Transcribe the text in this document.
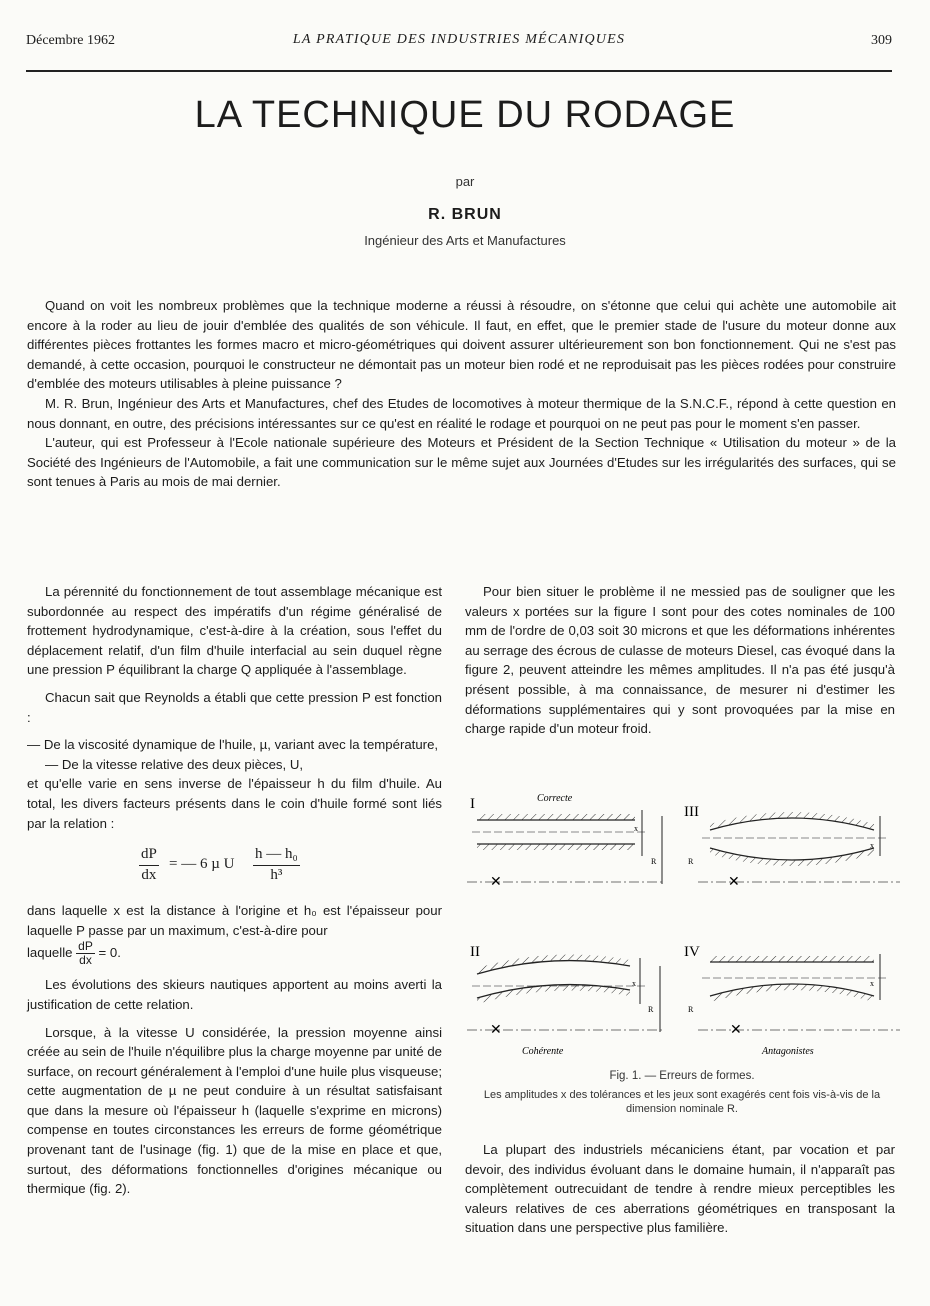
Décembre 1962	LA PRATIQUE DES INDUSTRIES MÉCANIQUES	309
LA TECHNIQUE DU RODAGE
par
R. BRUN
Ingénieur des Arts et Manufactures

Quand on voit les nombreux problèmes que la technique moderne a réussi à résoudre, on s'étonne que celui qui achète une automobile ait encore à la roder au lieu de jouir d'emblée des qualités de son véhicule. Il faut, en effet, que le premier stade de l'usure du moteur donne aux différentes pièces frottantes les formes macro et micro-géométriques qui doivent assurer ultérieurement son bon fonctionnement. Qui ne s'est pas demandé, à cette occasion, pourquoi le constructeur ne démontait pas un moteur bien rodé et ne reproduisait pas les pièces rodées pour construire d'emblée des moteurs utilisables à pleine puissance ?

M. R. Brun, Ingénieur des Arts et Manufactures, chef des Etudes de locomotives à moteur thermique de la S.N.C.F., répond à cette question en nous donnant, en outre, des précisions intéressantes sur ce qu'est en réalité le rodage et pourquoi on ne peut pas pour le moment s'en passer.

L'auteur, qui est Professeur à l'Ecole nationale supérieure des Moteurs et Président de la Section Technique « Utilisation du moteur » de la Société des Ingénieurs de l'Automobile, a fait une communication sur le même sujet aux Journées d'Etudes sur les irrégularités des surfaces, qui se sont tenues à Paris au mois de mai dernier.

La pérennité du fonctionnement de tout assemblage mécanique est subordonnée au respect des impératifs d'un régime généralisé de frottement hydrodynamique, c'est-à-dire à la création, sous l'effet du déplacement relatif, d'un film d'huile interfacial au sein duquel règne une pression P équilibrant la charge Q appliquée à l'assemblage.

Chacun sait que Reynolds a établi que cette pression P est fonction :

— De la viscosité dynamique de l'huile, µ, variant avec la température,

— De la vitesse relative des deux pièces, U,

et qu'elle varie en sens inverse de l'épaisseur h du film d'huile. Au total, les divers facteurs présents dans le coin d'huile formé sont liés par la relation :

$\frac{dP}{dx}$ = — 6 µ U $\frac{\text{h — h₀}}{\text{h³}}$

dans laquelle x est la distance à l'origine et h₀ est l'épaisseur pour laquelle P passe par un maximum, c'est-à-dire pour

laquelle $\frac{dP}{dx} = 0$.

Les évolutions des skieurs nautiques apportent au moins averti la justification de cette relation.

Lorsque, à la vitesse U considérée, la pression moyenne ainsi créée au sein de l'huile n'équilibre plus la charge moyenne par unité de surface, on recourt généralement à l'emploi d'une huile plus visqueuse; cette augmentation de µ ne peut conduire à un résultat satisfaisant que dans la mesure où l'épaisseur h (laquelle s'exprime en microns) compense en toutes circonstances les erreurs de forme géométrique provenant tant de l'usinage (fig. 1) que de la mise en place et que, surtout, des déformations fonctionnelles d'origines mécanique ou thermique (fig. 2).

Pour bien situer le problème il ne messied pas de souligner que les valeurs x portées sur la figure I sont pour des cotes nominales de 100 mm de l'ordre de 0,03 soit 30 microns et que les déformations inhérentes au serrage des écrous de culasse de moteurs Diesel, cas évoqué dans la figure 2, peuvent atteindre les mêmes amplitudes. Il n'a pas été jusqu'à présent possible, à ma connaissance, de mesurer ni d'estimer les déformations supplémentaires qui y sont provoquées par la mise en charge rapide d'un moteur froid.

I	Correcte
x
R
✕
III
x
R
✕
II
x
R
✕
Cohérente
IV
x
R
✕
Antagonistes
Fig. 1. — Erreurs de formes.
Les amplitudes x des tolérances et les jeux sont exagérés cent fois vis-à-vis de la dimension nominale R.

La plupart des industriels mécaniciens étant, par vocation et par devoir, des individus évoluant dans le domaine humain, il n'apparaît pas complètement outrecuidant de tendre à rendre mieux perceptibles les valeurs relatives de ces aberrations géométriques en transposant la situation dans une perspective plus familière.
